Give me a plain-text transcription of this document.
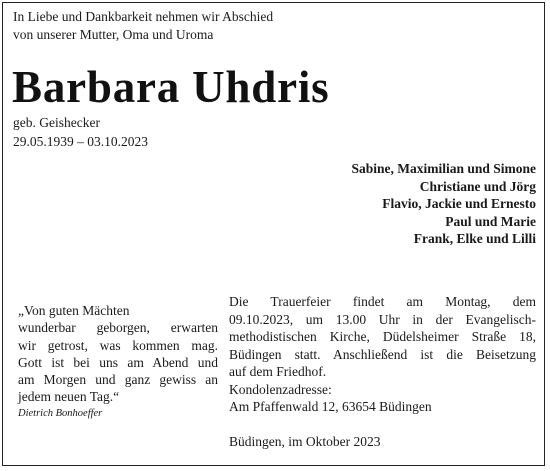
In Liebe und Dankbarkeit nehmen wir Abschied
von unserer Mutter, Oma und Uroma
Barbara Uhdris
geb. Geishecker
29.05.1939 – 03.10.2023
Sabine, Maximilian und Simone
Christiane und Jörg
Flavio, Jackie und Ernesto
Paul und Marie
Frank, Elke und Lilli
„Von guten Mächten
wunderbar geborgen, erwarten
wir getrost, was kommen mag.
Gott ist bei uns am Abend und
am Morgen und ganz gewiss an
jedem neuen Tag.“
Dietrich Bonhoeffer
Die Trauerfeier findet am Montag, dem
09.10.2023, um 13.00 Uhr in der Evangelisch-
methodistischen Kirche, Düdelsheimer Straße 18,
Büdingen statt. Anschließend ist die Beisetzung
auf dem Friedhof.
Kondolenzadresse:
Am Pfaffenwald 12, 63654 Büdingen
Büdingen, im Oktober 2023
